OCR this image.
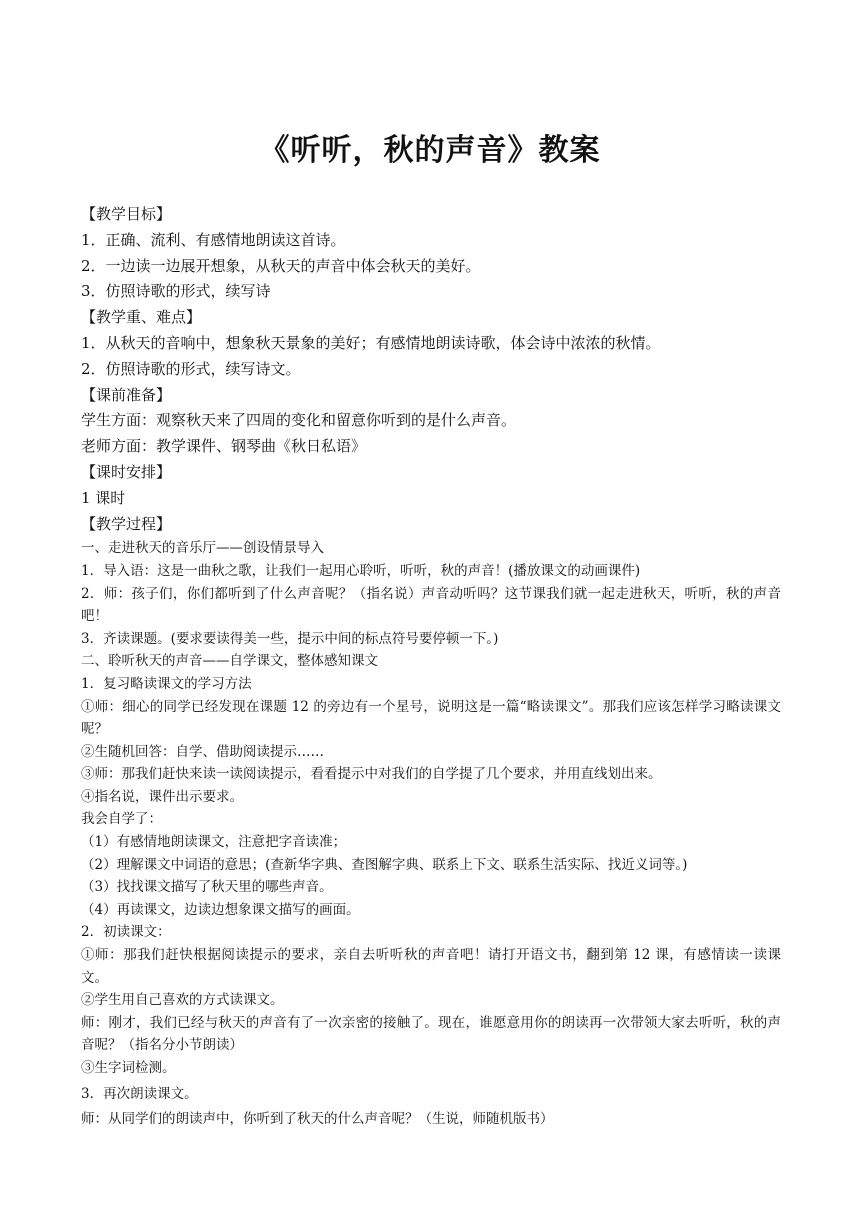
《听听，秋的声音》教案
【教学目标】
1．正确、流利、有感情地朗读这首诗。
2．一边读一边展开想象，从秋天的声音中体会秋天的美好。
3．仿照诗歌的形式，续写诗
【教学重、难点】
1．从秋天的音响中，想象秋天景象的美好；有感情地朗读诗歌，体会诗中浓浓的秋情。
2．仿照诗歌的形式，续写诗文。
【课前准备】
学生方面：观察秋天来了四周的变化和留意你听到的是什么声音。
老师方面：教学课件、钢琴曲《秋日私语》
【课时安排】
1 课时
【教学过程】
一、走进秋天的音乐厅——创设情景导入
1．导入语：这是一曲秋之歌，让我们一起用心聆听，听听，秋的声音！(播放课文的动画课件)
2．师：孩子们，你们都听到了什么声音呢？（指名说）声音动听吗？这节课我们就一起走进秋天，听听，秋的声音吧！
3．齐读课题。(要求要读得美一些，提示中间的标点符号要停顿一下。)
二、聆听秋天的声音——自学课文，整体感知课文
1．复习略读课文的学习方法
①师：细心的同学已经发现在课题 12 的旁边有一个星号，说明这是一篇“略读课文”。那我们应该怎样学习略读课文呢？
②生随机回答：自学、借助阅读提示……
③师：那我们赶快来读一读阅读提示，看看提示中对我们的自学提了几个要求，并用直线划出来。
④指名说，课件出示要求。
我会自学了：
（1）有感情地朗读课文，注意把字音读准；
（2）理解课文中词语的意思；(查新华字典、查图解字典、联系上下文、联系生活实际、找近义词等。)
（3）找找课文描写了秋天里的哪些声音。
（4）再读课文，边读边想象课文描写的画面。
2．初读课文：
①师：那我们赶快根据阅读提示的要求，亲自去听听秋的声音吧！请打开语文书，翻到第 12 课，有感情读一读课文。
②学生用自己喜欢的方式读课文。
师：刚才，我们已经与秋天的声音有了一次亲密的接触了。现在，谁愿意用你的朗读再一次带领大家去听听，秋的声音呢？（指名分小节朗读）
③生字词检测。
3．再次朗读课文。
师：从同学们的朗读声中，你听到了秋天的什么声音呢？（生说，师随机版书）
